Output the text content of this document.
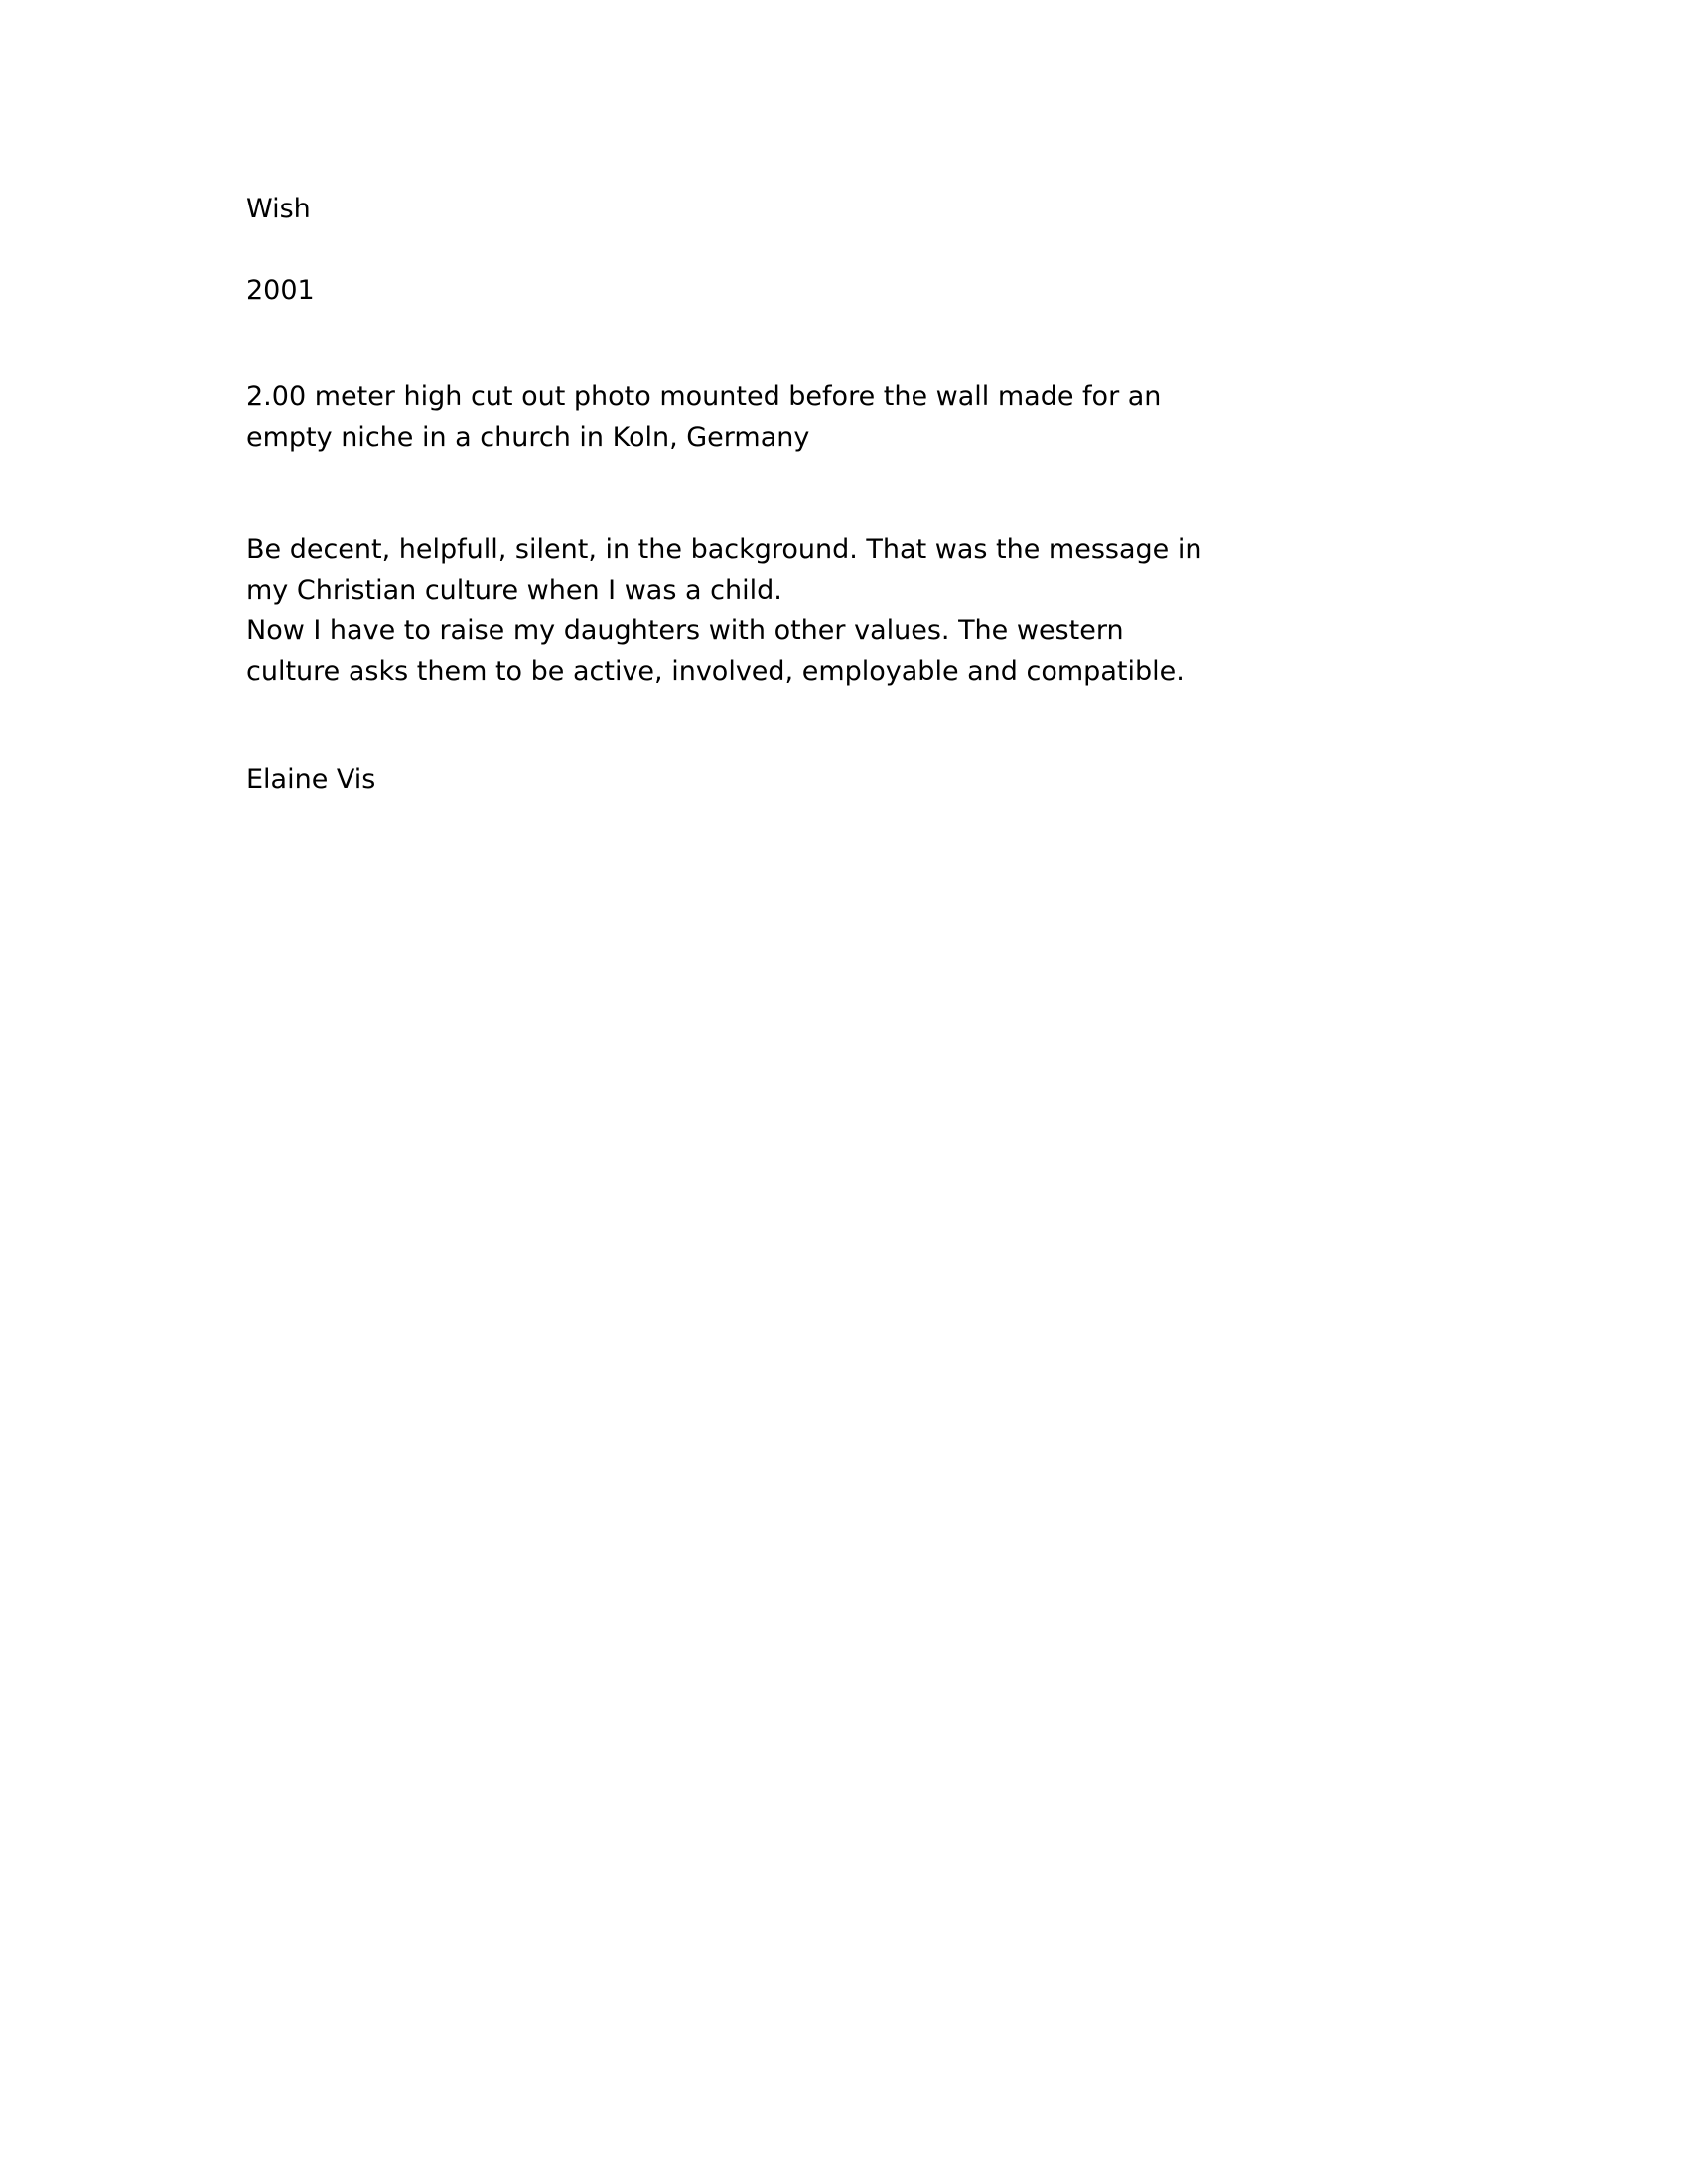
Wish
2001
2.00 meter high cut out photo mounted before the wall made for an
empty niche in a church in Koln, Germany
Be decent, helpfull, silent, in the background. That was the message in
my Christian culture when I was a child.
Now I have to raise my daughters with other values. The western
culture asks them to be active, involved, employable and compatible.
Elaine Vis
